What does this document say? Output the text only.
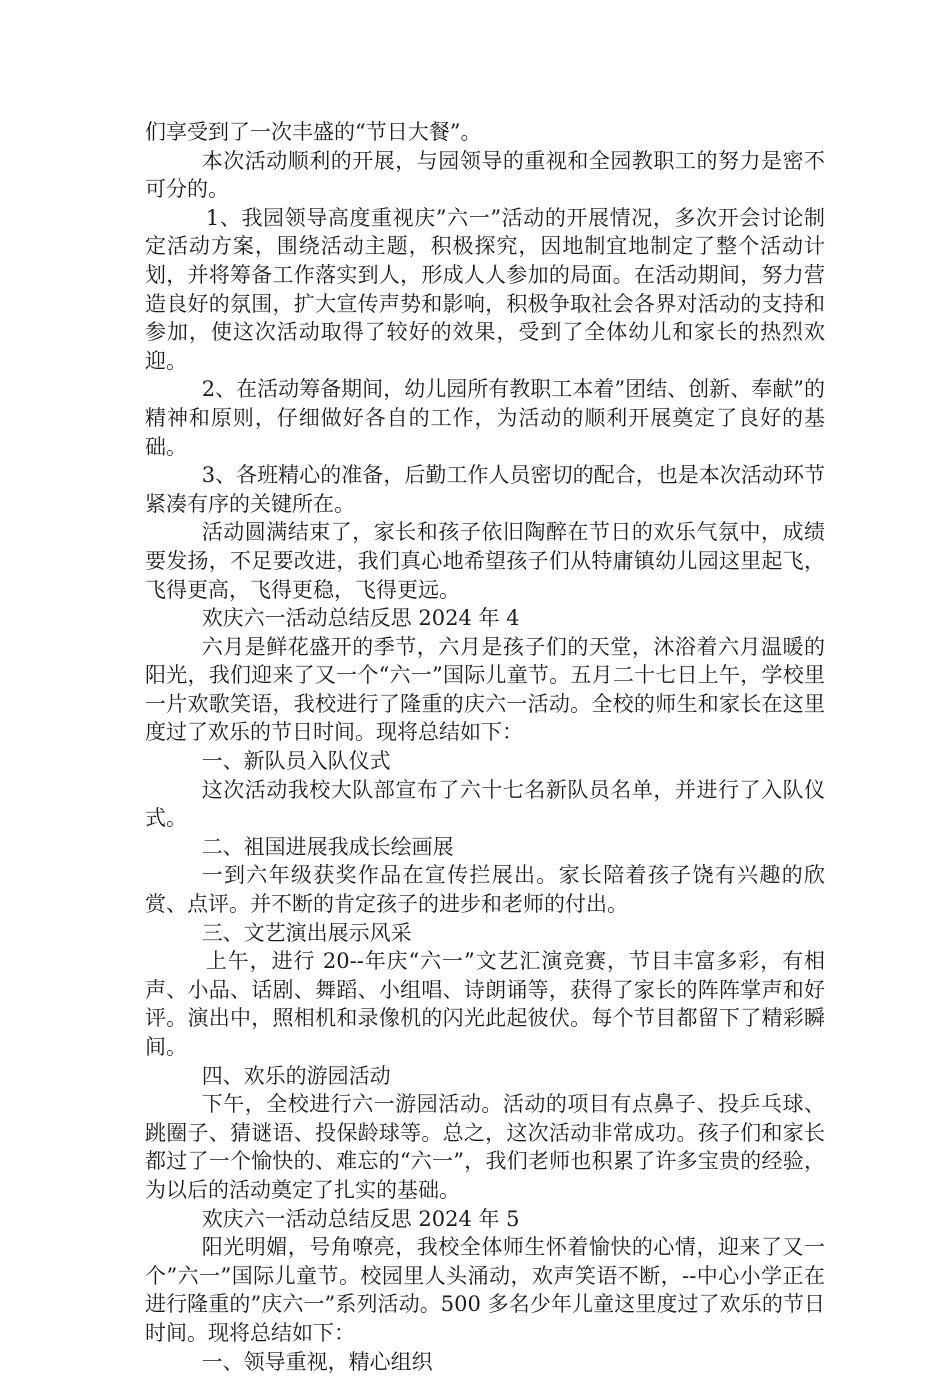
们享受到了一次丰盛的“节日大餐”。

本次活动顺利的开展，与园领导的重视和全园教职工的努力是密不可分的。

1、我园领导高度重视庆”六一”活动的开展情况，多次开会讨论制定活动方案，围绕活动主题，积极探究，因地制宜地制定了整个活动计划，并将筹备工作落实到人，形成人人参加的局面。在活动期间，努力营造良好的氛围，扩大宣传声势和影响，积极争取社会各界对活动的支持和参加，使这次活动取得了较好的效果，受到了全体幼儿和家长的热烈欢迎。

2、在活动筹备期间，幼儿园所有教职工本着”团结、创新、奉献”的精神和原则，仔细做好各自的工作，为活动的顺利开展奠定了良好的基础。

3、各班精心的准备，后勤工作人员密切的配合，也是本次活动环节紧凑有序的关键所在。

活动圆满结束了，家长和孩子依旧陶醉在节日的欢乐气氛中，成绩要发扬，不足要改进，我们真心地希望孩子们从特庸镇幼儿园这里起飞，飞得更高，飞得更稳，飞得更远。

欢庆六一活动总结反思 2024 年 4

六月是鲜花盛开的季节，六月是孩子们的天堂，沐浴着六月温暖的阳光，我们迎来了又一个“六一”国际儿童节。五月二十七日上午，学校里一片欢歌笑语，我校进行了隆重的庆六一活动。全校的师生和家长在这里度过了欢乐的节日时间。现将总结如下：

一、新队员入队仪式

这次活动我校大队部宣布了六十七名新队员名单，并进行了入队仪式。

二、祖国进展我成长绘画展

一到六年级获奖作品在宣传拦展出。家长陪着孩子饶有兴趣的欣赏、点评。并不断的肯定孩子的进步和老师的付出。

三、文艺演出展示风采

上午，进行 20--年庆“六一”文艺汇演竞赛，节目丰富多彩，有相声、小品、话剧、舞蹈、小组唱、诗朗诵等，获得了家长的阵阵掌声和好评。演出中，照相机和录像机的闪光此起彼伏。每个节目都留下了精彩瞬间。

四、欢乐的游园活动

下午，全校进行六一游园活动。活动的项目有点鼻子、投乒乓球、跳圈子、猜谜语、投保龄球等。总之，这次活动非常成功。孩子们和家长都过了一个愉快的、难忘的“六一”，我们老师也积累了许多宝贵的经验，为以后的活动奠定了扎实的基础。

欢庆六一活动总结反思 2024 年 5

阳光明媚，号角嘹亮，我校全体师生怀着愉快的心情，迎来了又一个”六一”国际儿童节。校园里人头涌动，欢声笑语不断，--中心小学正在进行隆重的”庆六一”系列活动。500 多名少年儿童这里度过了欢乐的节日时间。现将总结如下：

一、领导重视，精心组织
